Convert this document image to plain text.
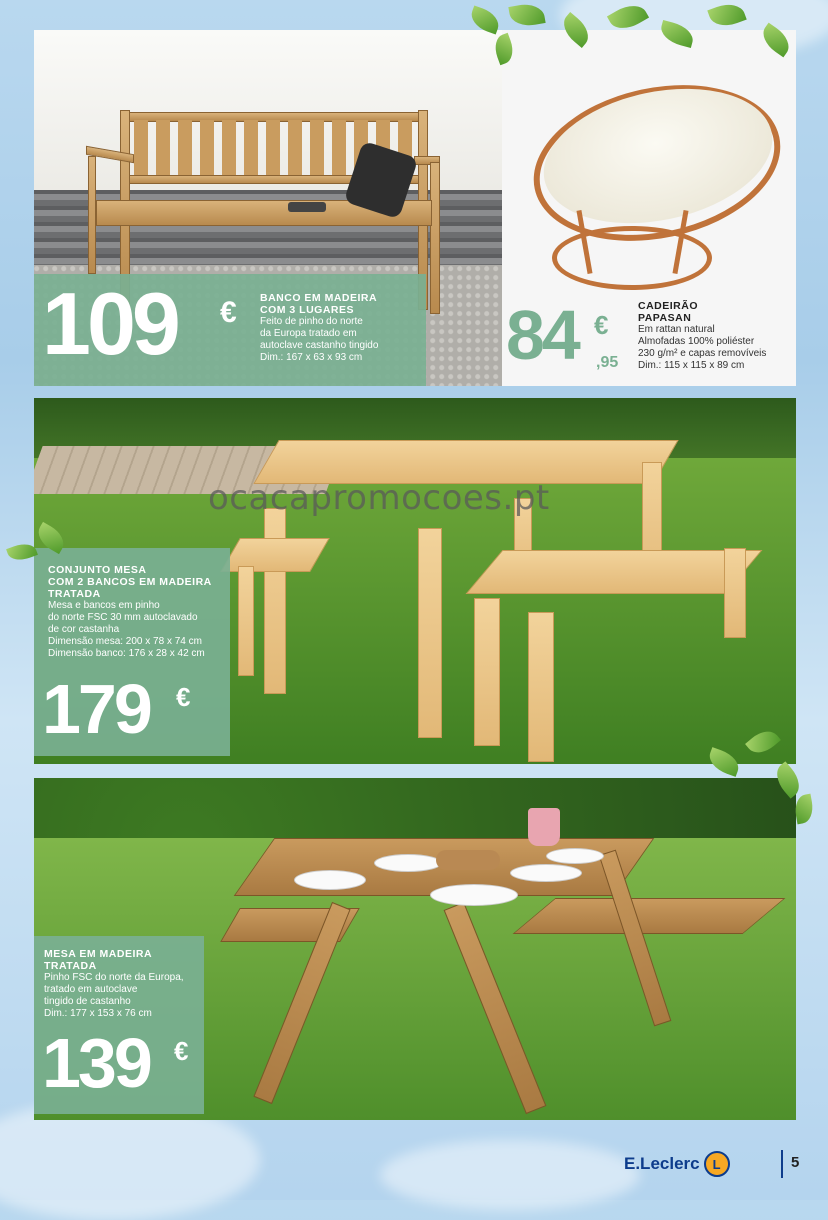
109 € BANCO EM MADEIRA
COM 3 LUGARES
Feito de pinho do norte
da Europa tratado em
autoclave castanho tingido
Dim.: 167 x 63 x 93 cm	84 €
,95
CADEIRÃO
PAPASAN
Em rattan natural
Almofadas 100% poliéster
230 g/m² e capas removíveis
Dim.: 115 x 115 x 89 cm
CONJUNTO MESA
COM 2 BANCOS EM MADEIRA
TRATADA
Mesa e bancos em pinho
do norte FSC 30 mm autoclavado
de cor castanha
Dimensão mesa: 200 x 78 x 74 cm
Dimensão banco: 176 x 28 x 42 cm
179 €
MESA EM MADEIRA
TRATADA
Pinho FSC do norte da Europa,
tratado em autoclave
tingido de castanho
Dim.: 177 x 153 x 76 cm
139 €
ocacapromocoes.pt
E.Leclerc	L	5
